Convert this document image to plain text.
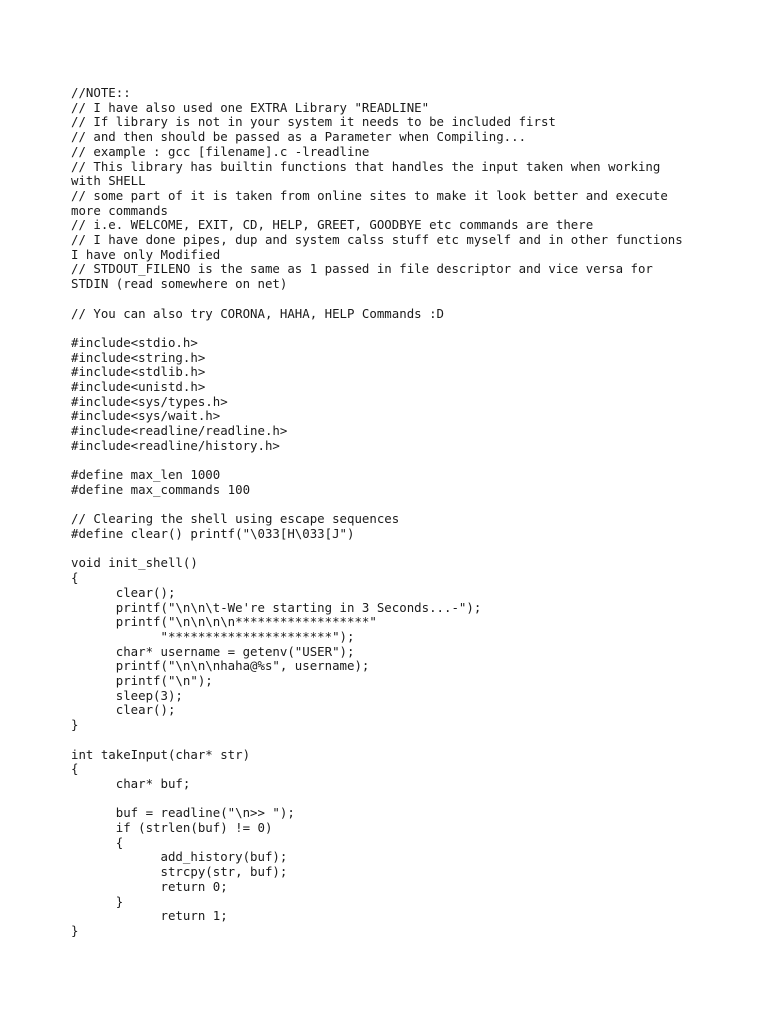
//NOTE::
// I have also used one EXTRA Library "READLINE"
// If library is not in your system it needs to be included first
// and then should be passed as a Parameter when Compiling...
// example : gcc [filename].c -lreadline
// This library has builtin functions that handles the input taken when working
with SHELL
// some part of it is taken from online sites to make it look better and execute
more commands
// i.e. WELCOME, EXIT, CD, HELP, GREET, GOODBYE etc commands are there
// I have done pipes, dup and system calss stuff etc myself and in other functions
I have only Modified
// STDOUT_FILENO is the same as 1 passed in file descriptor and vice versa for
STDIN (read somewhere on net)
// You can also try CORONA, HAHA, HELP Commands :D
#include<stdio.h>
#include<string.h>
#include<stdlib.h>
#include<unistd.h>
#include<sys/types.h>
#include<sys/wait.h>
#include<readline/readline.h>
#include<readline/history.h>
#define max_len 1000
#define max_commands 100
// Clearing the shell using escape sequences
#define clear() printf("\033[H\033[J")
void init_shell()
{
clear();
printf("\n\n\t-We're starting in 3 Seconds...-");
printf("\n\n\n\n******************"
"**********************");
char* username = getenv("USER");
printf("\n\n\nhaha@%s", username);
printf("\n");
sleep(3);
clear();
}
int takeInput(char* str)
{
char* buf;
buf = readline("\n>> ");
if (strlen(buf) != 0)
{
add_history(buf);
strcpy(str, buf);
return 0;
}
return 1;
}
